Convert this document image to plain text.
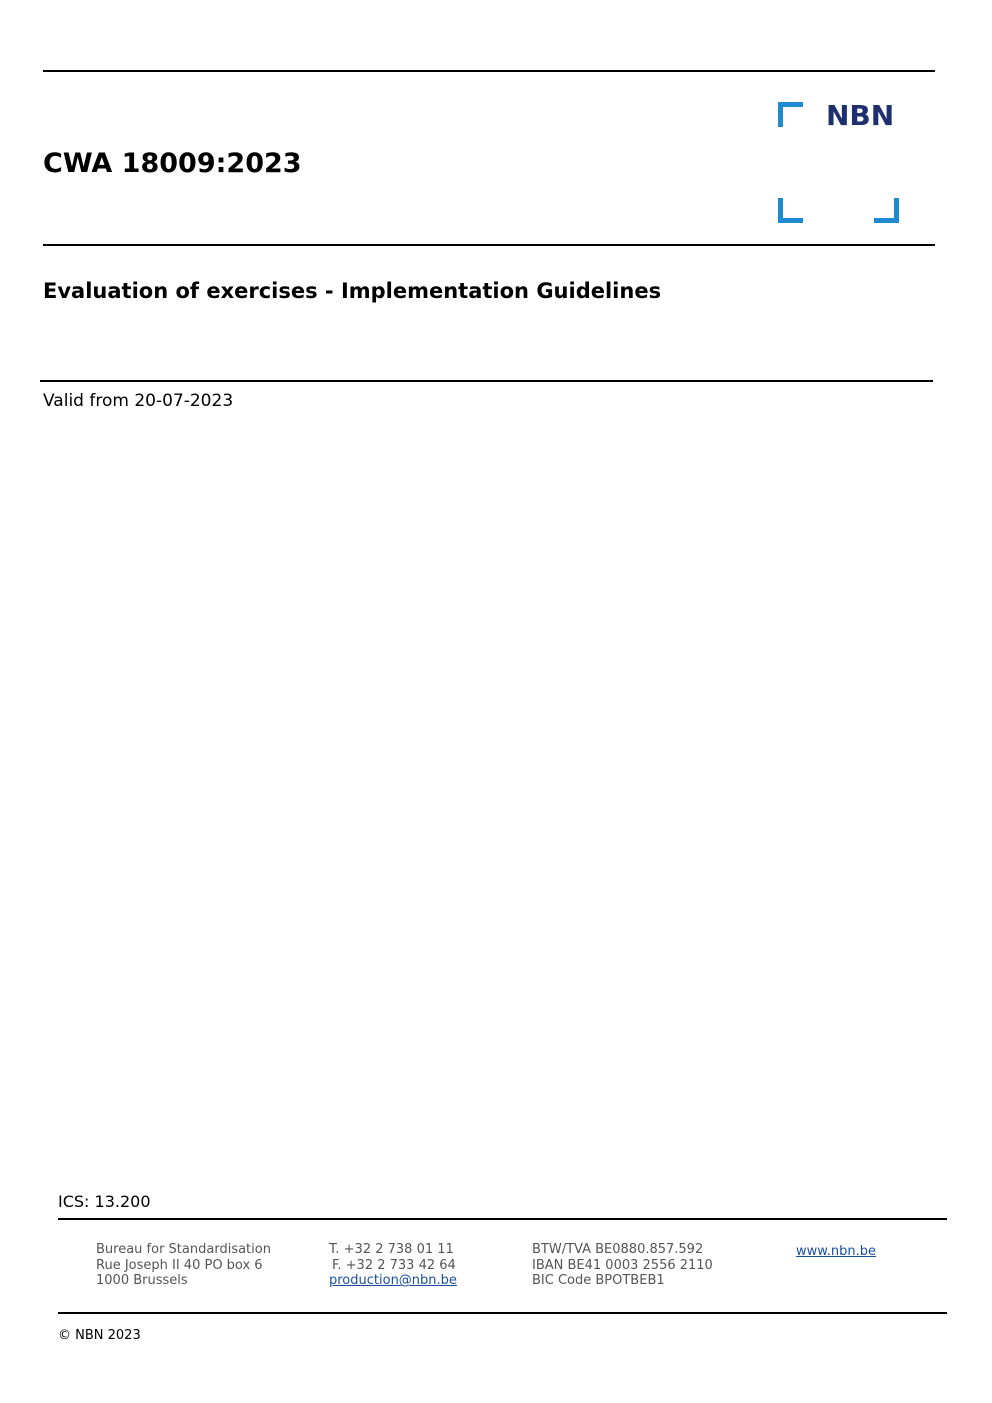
CWA 18009:2023
NBN
Evaluation of exercises - Implementation Guidelines
Valid from 20-07-2023
ICS: 13.200
Bureau for Standardisation
Rue Joseph II 40 PO box 6
1000 Brussels
T. +32 2 738 01 11
F. +32 2 733 42 64
production@nbn.be
BTW/TVA BE0880.857.592
IBAN BE41 0003 2556 2110
BIC Code BPOTBEB1
www.nbn.be
© NBN 2023
